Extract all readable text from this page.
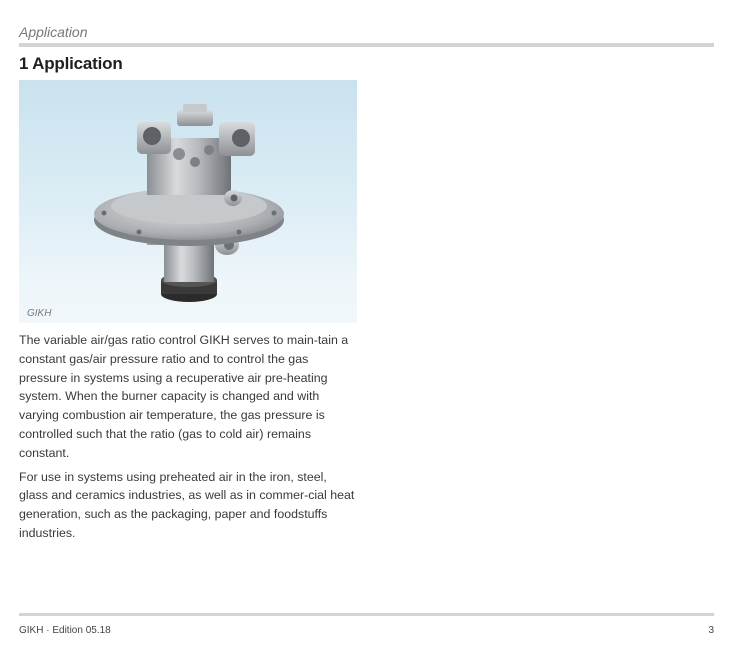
Application
1 Application
GIKH

The variable air/gas ratio control GIKH serves to main-tain a constant gas/air pressure ratio and to control the gas pressure in systems using a recuperative air pre-heating system. When the burner capacity is changed and with varying combustion air temperature, the gas pressure is controlled such that the ratio (gas to cold air) remains constant.

For use in systems using preheated air in the iron, steel, glass and ceramics industries, as well as in commer-cial heat generation, such as the packaging, paper and foodstuffs industries.

GIKH · Edition 05.18	3
